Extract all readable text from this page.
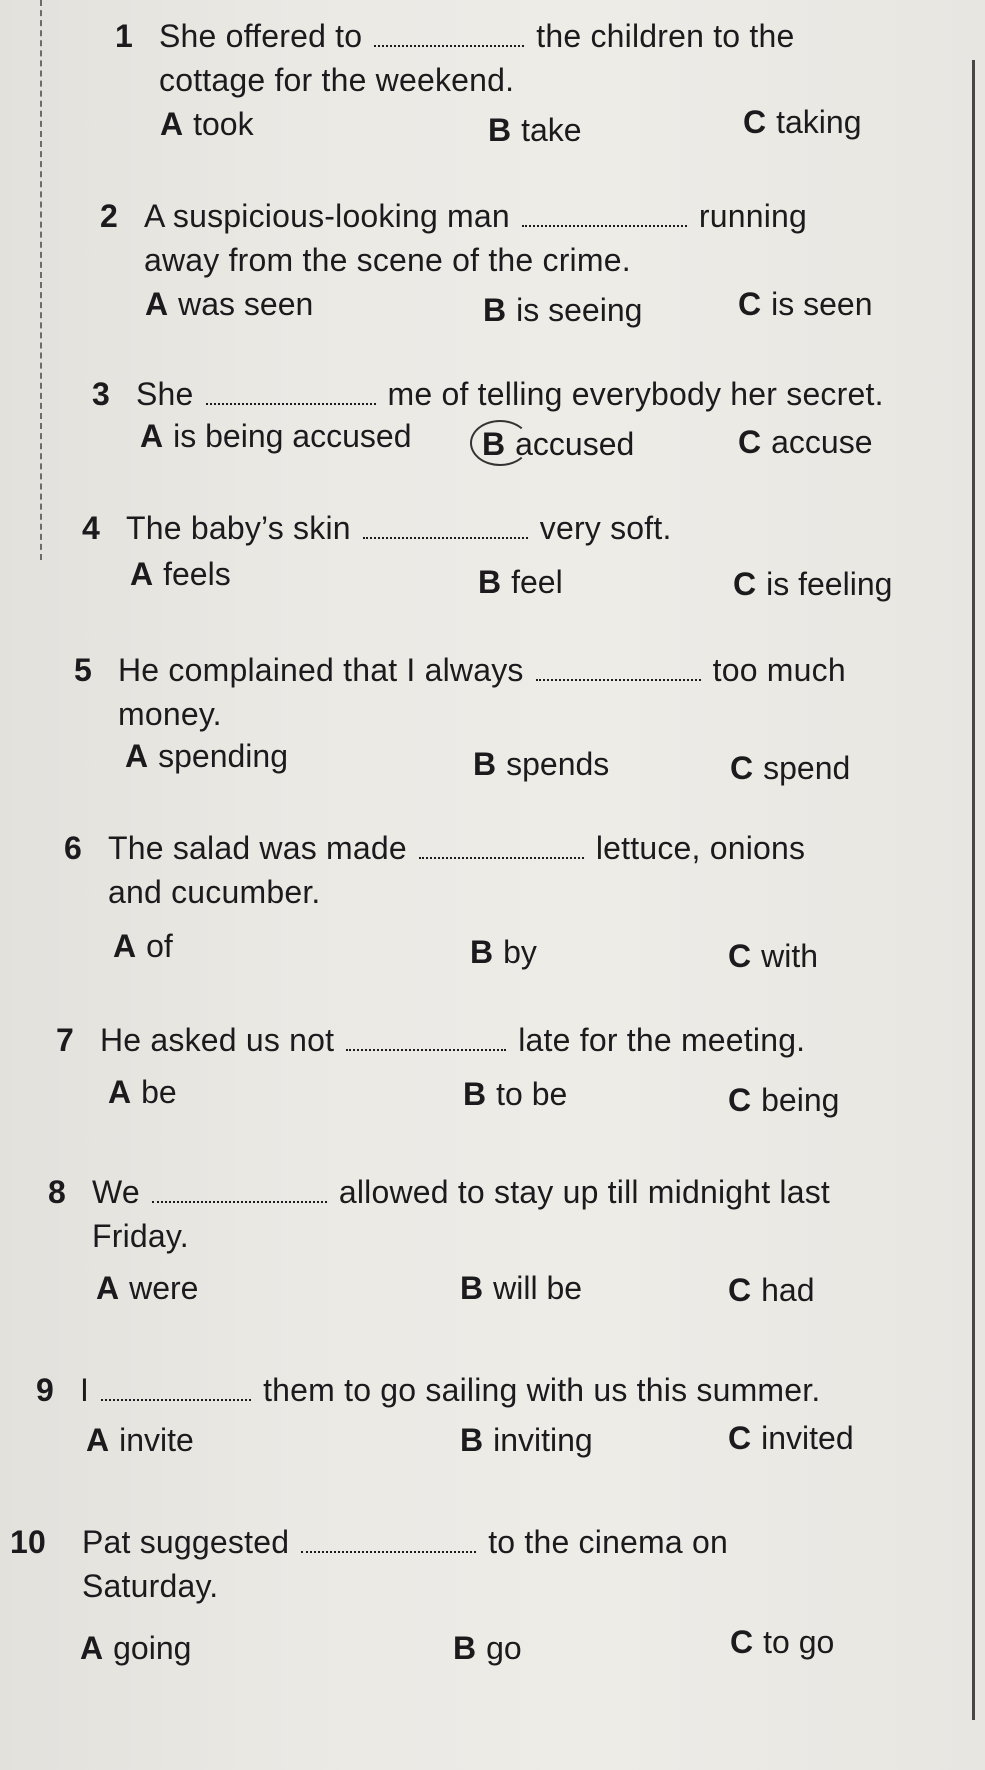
1 She offered to	the children to the
cottage for the weekend.
A took	B take	C taking
2 A suspicious-looking man	running
away from the scene of the crime.
A was seen	B is seeing	C is seen
3 She	me of telling everybody her secret.
A is being accused B accused	C accuse
4 The baby’s skin	very soft.
A feels	B feel	C is feeling
5 He complained that I always	too much
money.
A spending	B spends	C spend
6 The salad was made	lettuce, onions
and cucumber.
A of	B by	C with
7 He asked us not	late for the meeting.
A be	B to be	C being
8 We	allowed to stay up till midnight last
Friday.
A were	B will be	C had
9 I	them to go sailing with us this summer.
A invite	B inviting	C invited
10 Pat suggested	to the cinema on
Saturday.
A going	B go	C to go
